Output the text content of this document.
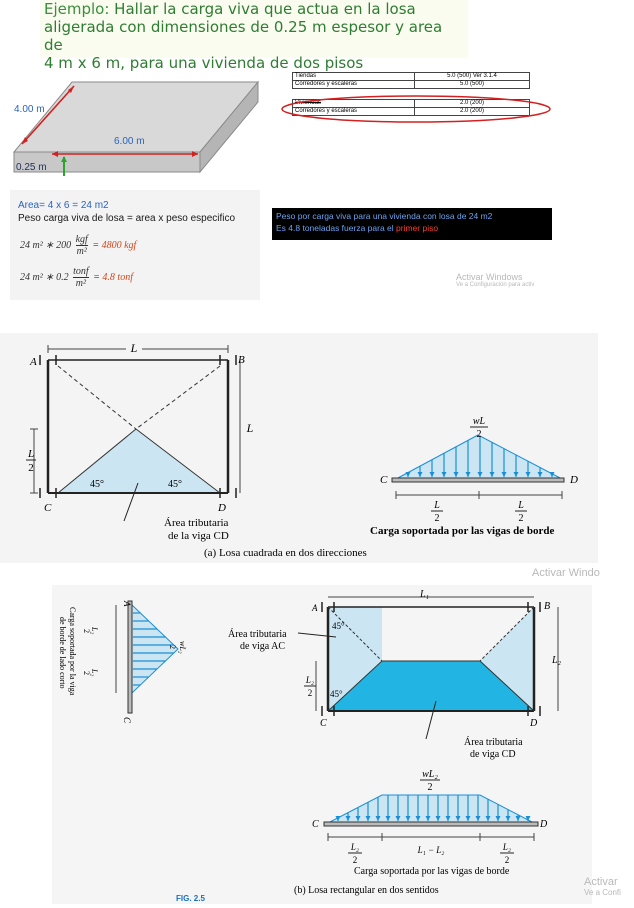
Ejemplo: Hallar la carga viva que actua en la losa
aligerada con dimensiones de 0.25 m espesor y area de
4 m x 6 m, para una vivienda de dos pisos
4.00 m
6.00 m
0.25 m
Area= 4 x 6 = 24 m2
Peso carga viva de losa = area x peso especifico
24 m² ∗ $200 \frac{\text{kgf}}{\text{m²}} = 4800$ kgf
24 m² ∗ $0.2 \frac{\text{tonf}}{\text{m²}} = 4.8$ tonf
Tiendas	5.0 (500) Ver 3.1.4
Corredores y escaleras	5.0 (500)

Viviendas	2.0 (200)
Corredores y escaleras	2.0 (200)
Peso por carga viva para una vivienda con losa de 24 m2
Es 4.8 toneladas fuerza para el primer piso
Activar Windows
Ve a Configuración para activ
L
L
L
2
A	B
C	D
45°	45°
Área tributaria
de la viga CD
C	D
wL
2
L
2
L
2
Carga soportada por las vigas de borde
(a) Losa cuadrada en dos direcciones
Activar Windo
A
C
Carga soportada por la viga
de borde de lado corto	L₂
2
L₂
2
wL₂
2
L₁
L₂
L₂
2
A	B
C	D
45°
45°
Área tributaria
de viga AC
Área tributaria
de viga CD
C	D
wL₂
2
L₂
2
L₁ − L₂	L₂
2
Carga soportada por las vigas de borde
FIG. 2.5
(b) Losa rectangular en dos sentidos
Activar
Ve a Confi
